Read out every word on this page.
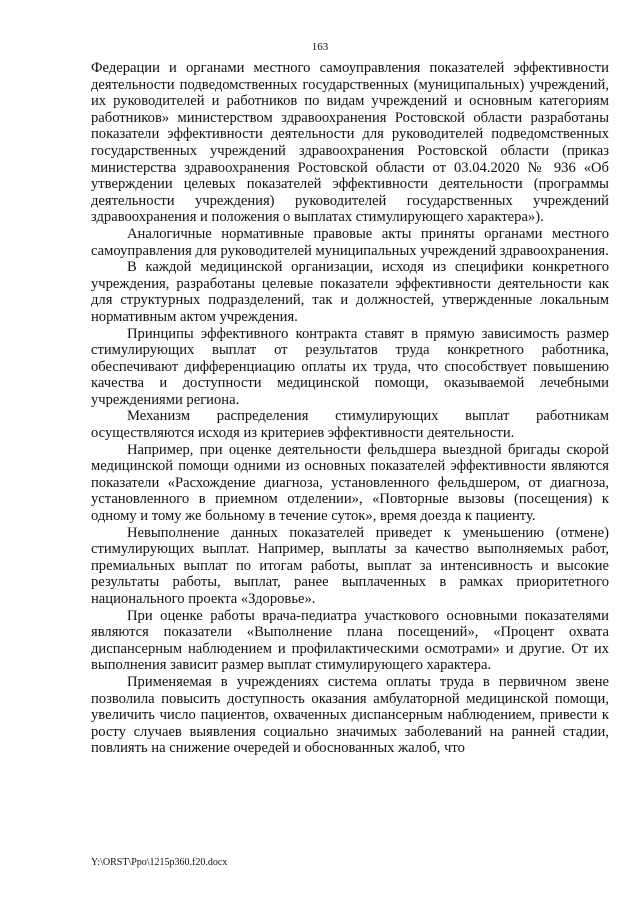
163

Федерации и органами местного самоуправления показателей эффективности деятельности подведомственных государственных (муниципальных) учреждений, их руководителей и работников по видам учреждений и основным категориям работников» министерством здравоохранения Ростовской области разработаны показатели эффективности деятельности для руководителей подведомственных государственных учреждений здравоохранения Ростовской области (приказ министерства здравоохранения Ростовской области от 03.04.2020 № 936 «Об утверждении целевых показателей эффективности деятельности (программы деятельности учреждения) руководителей государственных учреждений здравоохранения и положения о выплатах стимулирующего характера»).

Аналогичные нормативные правовые акты приняты органами местного самоуправления для руководителей муниципальных учреждений здравоохранения.

В каждой медицинской организации, исходя из специфики конкретного учреждения, разработаны целевые показатели эффективности деятельности как для структурных подразделений, так и должностей, утвержденные локальным нормативным актом учреждения.

Принципы эффективного контракта ставят в прямую зависимость размер стимулирующих выплат от результатов труда конкретного работника, обеспечивают дифференциацию оплаты их труда, что способствует повышению качества и доступности медицинской помощи, оказываемой лечебными учреждениями региона.

Механизм распределения стимулирующих выплат работникам осуществляются исходя из критериев эффективности деятельности.

Например, при оценке деятельности фельдшера выездной бригады скорой медицинской помощи одними из основных показателей эффективности являются показатели «Расхождение диагноза, установленного фельдшером, от диагноза, установленного в приемном отделении», «Повторные вызовы (посещения) к одному и тому же больному в течение суток», время доезда к пациенту.

Невыполнение данных показателей приведет к уменьшению (отмене) стимулирующих выплат. Например, выплаты за качество выполняемых работ, премиальных выплат по итогам работы, выплат за интенсивность и высокие результаты работы, выплат, ранее выплаченных в рамках приоритетного национального проекта «Здоровье».

При оценке работы врача-педиатра участкового основными показателями являются показатели «Выполнение плана посещений», «Процент охвата диспансерным наблюдением и профилактическими осмотрами» и другие. От их выполнения зависит размер выплат стимулирующего характера.

Применяемая в учреждениях система оплаты труда в первичном звене позволила повысить доступность оказания амбулаторной медицинской помощи, увеличить число пациентов, охваченных диспансерным наблюдением, привести к росту случаев выявления социально значимых заболеваний на ранней стадии, повлиять на снижение очередей и обоснованных жалоб, что

Y:\ORST\Ppo\1215p360.f20.docx
